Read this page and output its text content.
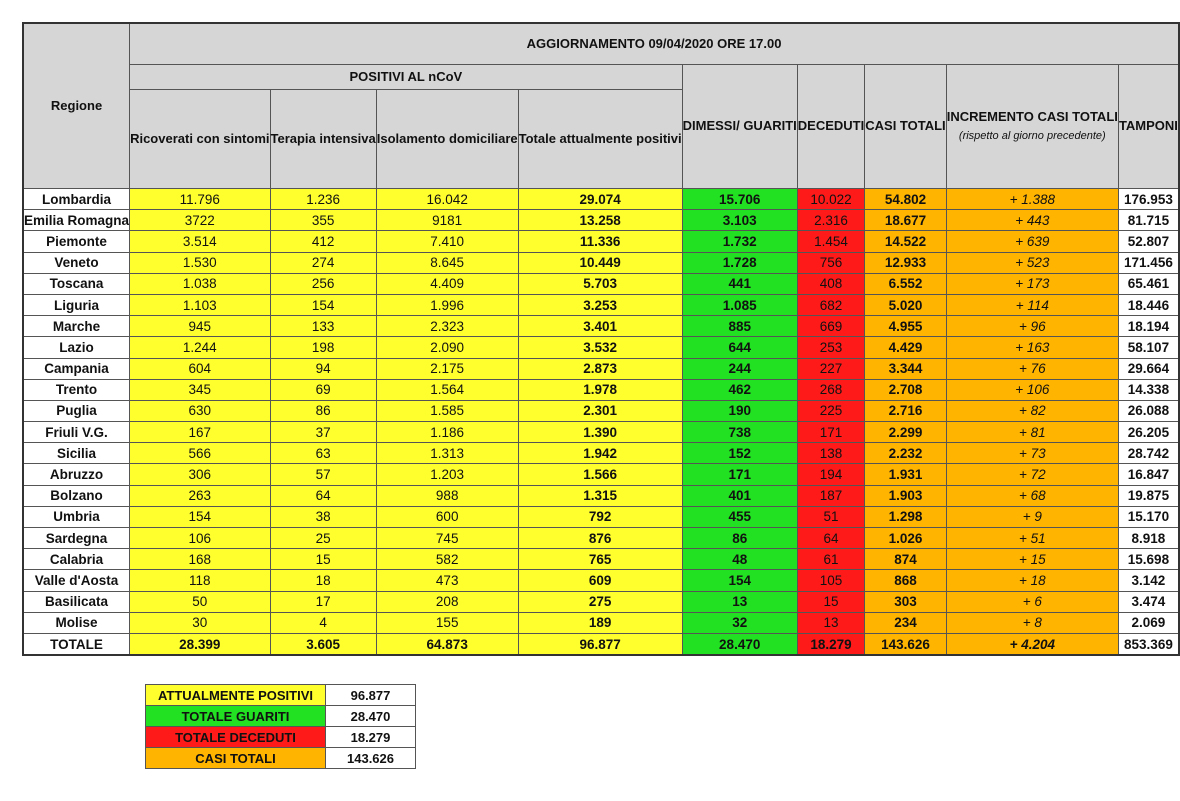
Regione	AGGIORNAMENTO 09/04/2020 ORE 17.00								
	POSITIVI AL nCoV				DIMESSI/ GUARITI	DECEDUTI	CASI TOTALI	INCREMENTO CASI TOTALI
(rispetto al giorno precedente)	TAMPONI
	Ricoverati con sintomi	Terapia intensiva	Isolamento domiciliare	Totale attualmente positivi					
Lombardia	11.796	1.236	16.042	29.074	15.706	10.022	54.802	+ 1.388	176.953
Emilia Romagna	3722	355	9181	13.258	3.103	2.316	18.677	+ 443	81.715
Piemonte	3.514	412	7.410	11.336	1.732	1.454	14.522	+ 639	52.807
Veneto	1.530	274	8.645	10.449	1.728	756	12.933	+ 523	171.456
Toscana	1.038	256	4.409	5.703	441	408	6.552	+ 173	65.461
Liguria	1.103	154	1.996	3.253	1.085	682	5.020	+ 114	18.446
Marche	945	133	2.323	3.401	885	669	4.955	+ 96	18.194
Lazio	1.244	198	2.090	3.532	644	253	4.429	+ 163	58.107
Campania	604	94	2.175	2.873	244	227	3.344	+ 76	29.664
Trento	345	69	1.564	1.978	462	268	2.708	+ 106	14.338
Puglia	630	86	1.585	2.301	190	225	2.716	+ 82	26.088
Friuli V.G.	167	37	1.186	1.390	738	171	2.299	+ 81	26.205
Sicilia	566	63	1.313	1.942	152	138	2.232	+ 73	28.742
Abruzzo	306	57	1.203	1.566	171	194	1.931	+ 72	16.847
Bolzano	263	64	988	1.315	401	187	1.903	+ 68	19.875
Umbria	154	38	600	792	455	51	1.298	+ 9	15.170
Sardegna	106	25	745	876	86	64	1.026	+ 51	8.918
Calabria	168	15	582	765	48	61	874	+ 15	15.698
Valle d'Aosta	118	18	473	609	154	105	868	+ 18	3.142
Basilicata	50	17	208	275	13	15	303	+ 6	3.474
Molise	30	4	155	189	32	13	234	+ 8	2.069
TOTALE	28.399	3.605	64.873	96.877	28.470	18.279	143.626	+ 4.204	853.369
ATTUALMENTE POSITIVI	96.877
TOTALE GUARITI	28.470
TOTALE DECEDUTI	18.279
CASI TOTALI	143.626
